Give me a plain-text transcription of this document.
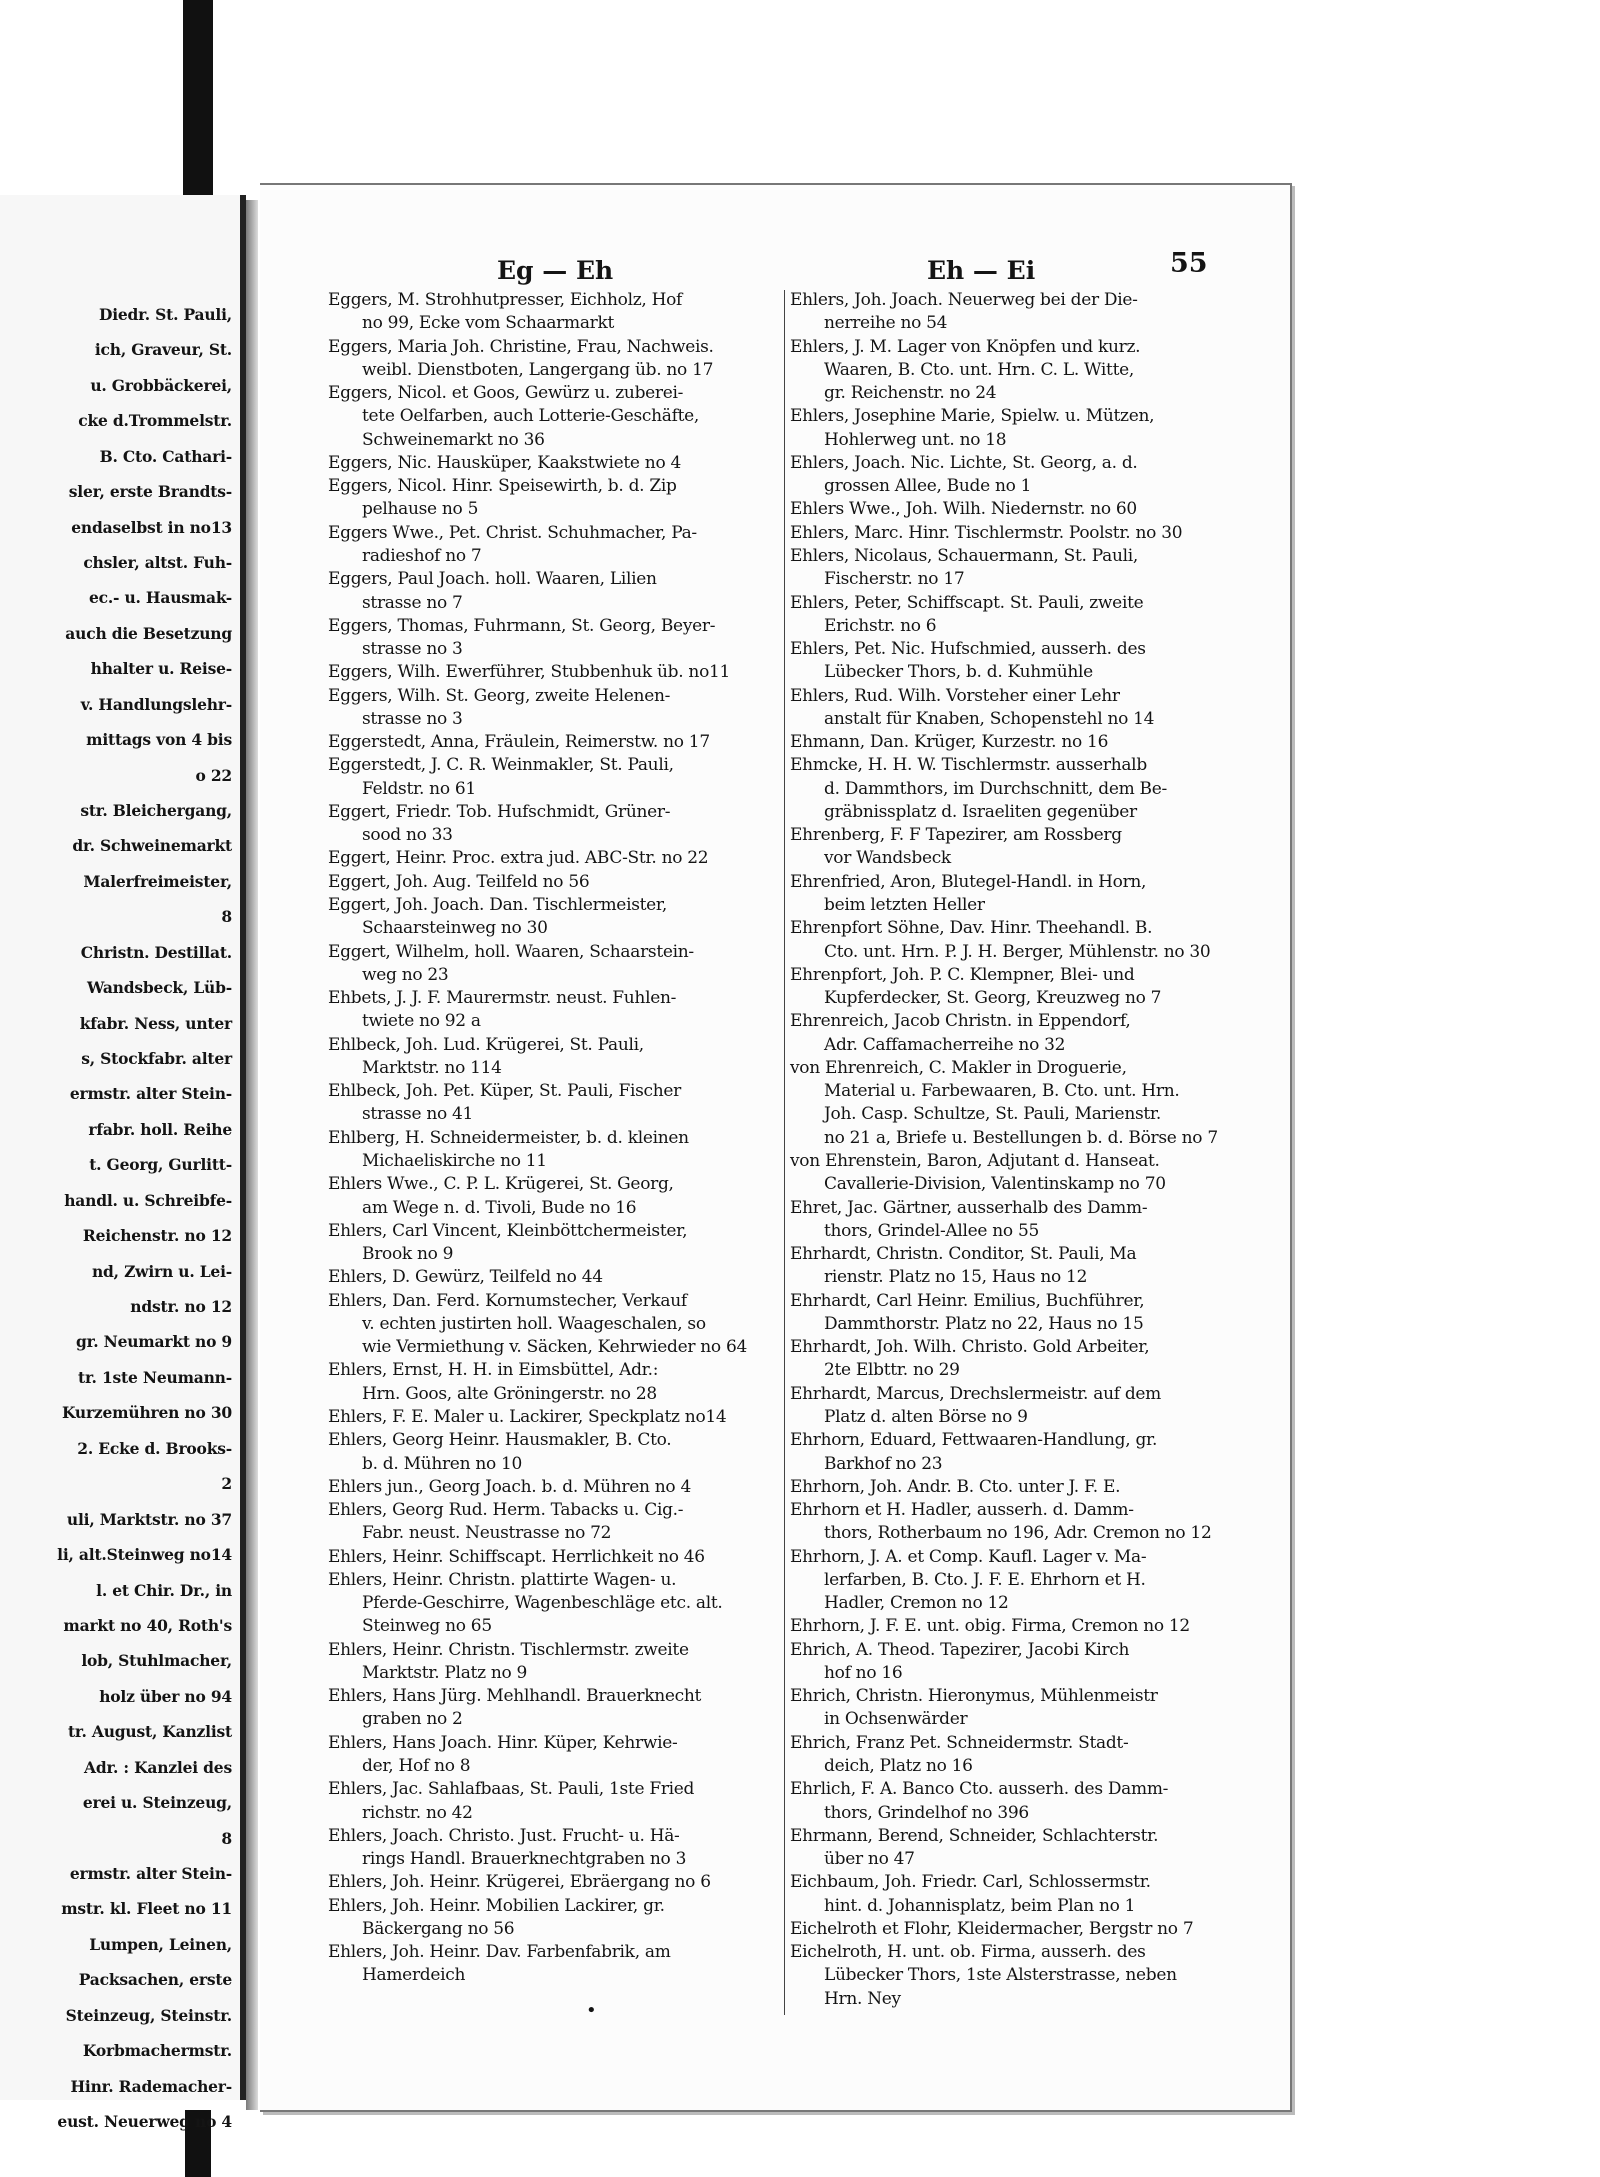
Diedr. St. Pauli,
ich, Graveur, St.
u. Grobbäckerei,
cke d.Trommelstr.
B. Cto. Cathari-
sler, erste Brandts-
endaselbst in no13
chsler, altst. Fuh-
ec.- u. Hausmak-
auch die Besetzung
hhalter u. Reise-
v. Handlungslehr-
mittags von 4 bis
o 22
str. Bleichergang,
dr. Schweinemarkt
Malerfreimeister,
8
Christn. Destillat.
Wandsbeck, Lüb-
kfabr. Ness, unter
s, Stockfabr. alter
ermstr. alter Stein-
rfabr. holl. Reihe
t. Georg, Gurlitt-
handl. u. Schreibfe-
Reichenstr. no 12
nd, Zwirn u. Lei-
ndstr. no 12
gr. Neumarkt no 9
tr. 1ste Neumann-
Kurzemühren no 30
2. Ecke d. Brooks-
2
uli, Marktstr. no 37
li, alt.Steinweg no14
l. et Chir. Dr., in
markt no 40, Roth's
lob, Stuhlmacher,
holz über no 94
tr. August, Kanzlist
Adr. : Kanzlei des
erei u. Steinzeug,
8
ermstr. alter Stein-
mstr. kl. Fleet no 11
Lumpen, Leinen,
Packsachen, erste
Steinzeug, Steinstr.
Korbmachermstr.
Hinr. Rademacher-
eust. Neuerweg no 4
Eg — Eh	Eh — Ei	55
Eggers, M. Strohhutpresser, Eichholz, Hof
no 99, Ecke vom Schaarmarkt
Eggers, Maria Joh. Christine, Frau, Nachweis.
weibl. Dienstboten, Langergang üb. no 17
Eggers, Nicol. et Goos, Gewürz u. zuberei-
tete Oelfarben, auch Lotterie-Geschäfte,
Schweinemarkt no 36
Eggers, Nic. Hausküper, Kaakstwiete no 4
Eggers, Nicol. Hinr. Speisewirth, b. d. Zip
pelhause no 5
Eggers Wwe., Pet. Christ. Schuhmacher, Pa-
radieshof no 7
Eggers, Paul Joach. holl. Waaren, Lilien
strasse no 7
Eggers, Thomas, Fuhrmann, St. Georg, Beyer-
strasse no 3
Eggers, Wilh. Ewerführer, Stubbenhuk üb. no11
Eggers, Wilh. St. Georg, zweite Helenen-
strasse no 3
Eggerstedt, Anna, Fräulein, Reimerstw. no 17
Eggerstedt, J. C. R. Weinmakler, St. Pauli,
Feldstr. no 61
Eggert, Friedr. Tob. Hufschmidt, Grüner-
sood no 33
Eggert, Heinr. Proc. extra jud. ABC-Str. no 22
Eggert, Joh. Aug. Teilfeld no 56
Eggert, Joh. Joach. Dan. Tischlermeister,
Schaarsteinweg no 30
Eggert, Wilhelm, holl. Waaren, Schaarstein-
weg no 23
Ehbets, J. J. F. Maurermstr. neust. Fuhlen-
twiete no 92 a
Ehlbeck, Joh. Lud. Krügerei, St. Pauli,
Marktstr. no 114
Ehlbeck, Joh. Pet. Küper, St. Pauli, Fischer
strasse no 41
Ehlberg, H. Schneidermeister, b. d. kleinen
Michaeliskirche no 11
Ehlers Wwe., C. P. L. Krügerei, St. Georg,
am Wege n. d. Tivoli, Bude no 16
Ehlers, Carl Vincent, Kleinböttchermeister,
Brook no 9
Ehlers, D. Gewürz, Teilfeld no 44
Ehlers, Dan. Ferd. Kornumstecher, Verkauf
v. echten justirten holl. Waageschalen, so
wie Vermiethung v. Säcken, Kehrwieder no 64
Ehlers, Ernst, H. H. in Eimsbüttel, Adr.:
Hrn. Goos, alte Gröningerstr. no 28
Ehlers, F. E. Maler u. Lackirer, Speckplatz no14
Ehlers, Georg Heinr. Hausmakler, B. Cto.
b. d. Mühren no 10
Ehlers jun., Georg Joach. b. d. Mühren no 4
Ehlers, Georg Rud. Herm. Tabacks u. Cig.-
Fabr. neust. Neustrasse no 72
Ehlers, Heinr. Schiffscapt. Herrlichkeit no 46
Ehlers, Heinr. Christn. plattirte Wagen- u.
Pferde-Geschirre, Wagenbeschläge etc. alt.
Steinweg no 65
Ehlers, Heinr. Christn. Tischlermstr. zweite
Marktstr. Platz no 9
Ehlers, Hans Jürg. Mehlhandl. Brauerknecht
graben no 2
Ehlers, Hans Joach. Hinr. Küper, Kehrwie-
der, Hof no 8
Ehlers, Jac. Sahlafbaas, St. Pauli, 1ste Fried
richstr. no 42
Ehlers, Joach. Christo. Just. Frucht- u. Hä-
rings Handl. Brauerknechtgraben no 3
Ehlers, Joh. Heinr. Krügerei, Ebräergang no 6
Ehlers, Joh. Heinr. Mobilien Lackirer, gr.
Bäckergang no 56
Ehlers, Joh. Heinr. Dav. Farbenfabrik, am
Hamerdeich
Ehlers, Joh. Joach. Neuerweg bei der Die-
nerreihe no 54
Ehlers, J. M. Lager von Knöpfen und kurz.
Waaren, B. Cto. unt. Hrn. C. L. Witte,
gr. Reichenstr. no 24
Ehlers, Josephine Marie, Spielw. u. Mützen,
Hohlerweg unt. no 18
Ehlers, Joach. Nic. Lichte, St. Georg, a. d.
grossen Allee, Bude no 1
Ehlers Wwe., Joh. Wilh. Niedernstr. no 60
Ehlers, Marc. Hinr. Tischlermstr. Poolstr. no 30
Ehlers, Nicolaus, Schauermann, St. Pauli,
Fischerstr. no 17
Ehlers, Peter, Schiffscapt. St. Pauli, zweite
Erichstr. no 6
Ehlers, Pet. Nic. Hufschmied, ausserh. des
Lübecker Thors, b. d. Kuhmühle
Ehlers, Rud. Wilh. Vorsteher einer Lehr
anstalt für Knaben, Schopenstehl no 14
Ehmann, Dan. Krüger, Kurzestr. no 16
Ehmcke, H. H. W. Tischlermstr. ausserhalb
d. Dammthors, im Durchschnitt, dem Be-
gräbnissplatz d. Israeliten gegenüber
Ehrenberg, F. F Tapezirer, am Rossberg
vor Wandsbeck
Ehrenfried, Aron, Blutegel-Handl. in Horn,
beim letzten Heller
Ehrenpfort Söhne, Dav. Hinr. Theehandl. B.
Cto. unt. Hrn. P. J. H. Berger, Mühlenstr. no 30
Ehrenpfort, Joh. P. C. Klempner, Blei- und
Kupferdecker, St. Georg, Kreuzweg no 7
Ehrenreich, Jacob Christn. in Eppendorf,
Adr. Caffamacherreihe no 32
von Ehrenreich, C. Makler in Droguerie,
Material u. Farbewaaren, B. Cto. unt. Hrn.
Joh. Casp. Schultze, St. Pauli, Marienstr.
no 21 a, Briefe u. Bestellungen b. d. Börse no 7
von Ehrenstein, Baron, Adjutant d. Hanseat.
Cavallerie-Division, Valentinskamp no 70
Ehret, Jac. Gärtner, ausserhalb des Damm-
thors, Grindel-Allee no 55
Ehrhardt, Christn. Conditor, St. Pauli, Ma
rienstr. Platz no 15, Haus no 12
Ehrhardt, Carl Heinr. Emilius, Buchführer,
Dammthorstr. Platz no 22, Haus no 15
Ehrhardt, Joh. Wilh. Christo. Gold Arbeiter,
2te Elbttr. no 29
Ehrhardt, Marcus, Drechslermeistr. auf dem
Platz d. alten Börse no 9
Ehrhorn, Eduard, Fettwaaren-Handlung, gr.
Barkhof no 23
Ehrhorn, Joh. Andr. B. Cto. unter J. F. E.
Ehrhorn et H. Hadler, ausserh. d. Damm-
thors, Rotherbaum no 196, Adr. Cremon no 12
Ehrhorn, J. A. et Comp. Kaufl. Lager v. Ma-
lerfarben, B. Cto. J. F. E. Ehrhorn et H.
Hadler, Cremon no 12
Ehrhorn, J. F. E. unt. obig. Firma, Cremon no 12
Ehrich, A. Theod. Tapezirer, Jacobi Kirch
hof no 16
Ehrich, Christn. Hieronymus, Mühlenmeistr
in Ochsenwärder
Ehrich, Franz Pet. Schneidermstr. Stadt-
deich, Platz no 16
Ehrlich, F. A. Banco Cto. ausserh. des Damm-
thors, Grindelhof no 396
Ehrmann, Berend, Schneider, Schlachterstr.
über no 47
Eichbaum, Joh. Friedr. Carl, Schlossermstr.
hint. d. Johannisplatz, beim Plan no 1
Eichelroth et Flohr, Kleidermacher, Bergstr no 7
Eichelroth, H. unt. ob. Firma, ausserh. des
Lübecker Thors, 1ste Alsterstrasse, neben
Hrn. Ney
•
